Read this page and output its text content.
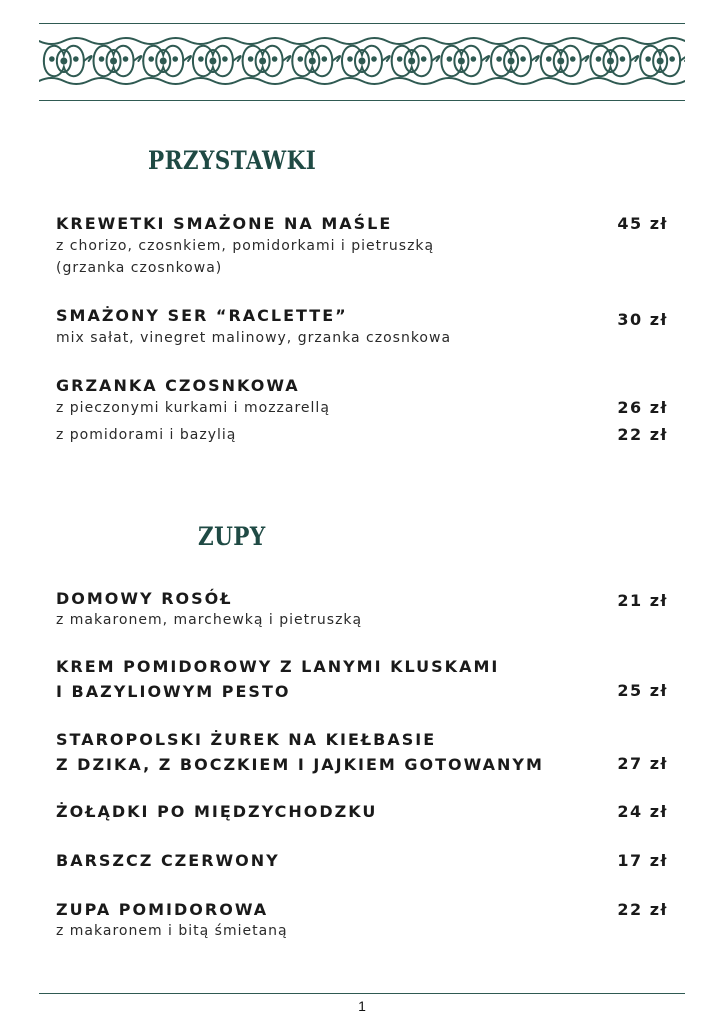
PRZYSTAWKI

KREWETKI SMAŻONE NA MAŚLE	45 zł

z chorizo, czosnkiem, pomidorkami i pietruszką

(grzanka czosnkowa)

SMAŻONY SER “RACLETTE”	30 zł

mix sałat, vinegret malinowy, grzanka czosnkowa

GRZANKA CZOSNKOWA

z pieczonymi kurkami i mozzarellą	26 zł

z pomidorami i bazylią	22 zł

ZUPY

DOMOWY ROSÓŁ	21 zł

z makaronem, marchewką i pietruszką

KREM POMIDOROWY Z LANYMI KLUSKAMI

I BAZYLIOWYM PESTO	25 zł

STAROPOLSKI ŻUREK NA KIEŁBASIE

Z DZIKA, Z BOCZKIEM I JAJKIEM GOTOWANYM	27 zł

ŻOŁĄDKI PO MIĘDZYCHODZKU	24 zł

BARSZCZ CZERWONY	17 zł

ZUPA POMIDOROWA	22 zł

z makaronem i bitą śmietaną

1
